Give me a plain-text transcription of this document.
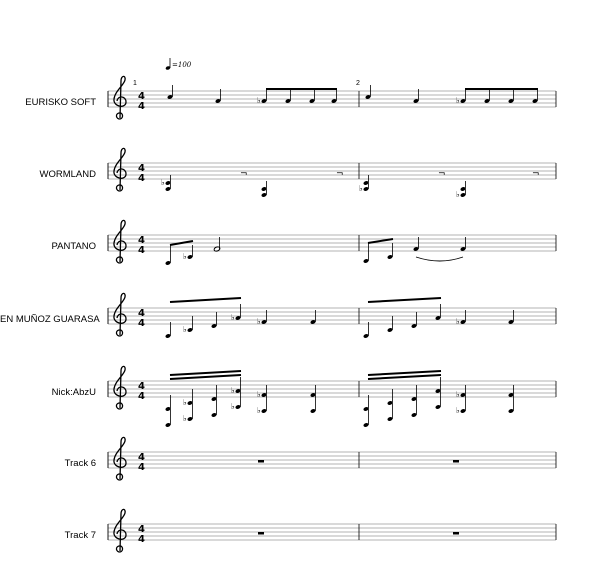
=100
1	2
EURISKO SOFT
WORMLAND
PANTANO
EN MUÑOZ GUARASA
Nick:AbzU
Track 6
Track 7
4
4
♭	♭
♭
♭
♭
¬	¬	¬	¬
♭
♭
♭	♭	♭
♭
♭
♭
♭
♭
♭
♭
♭
